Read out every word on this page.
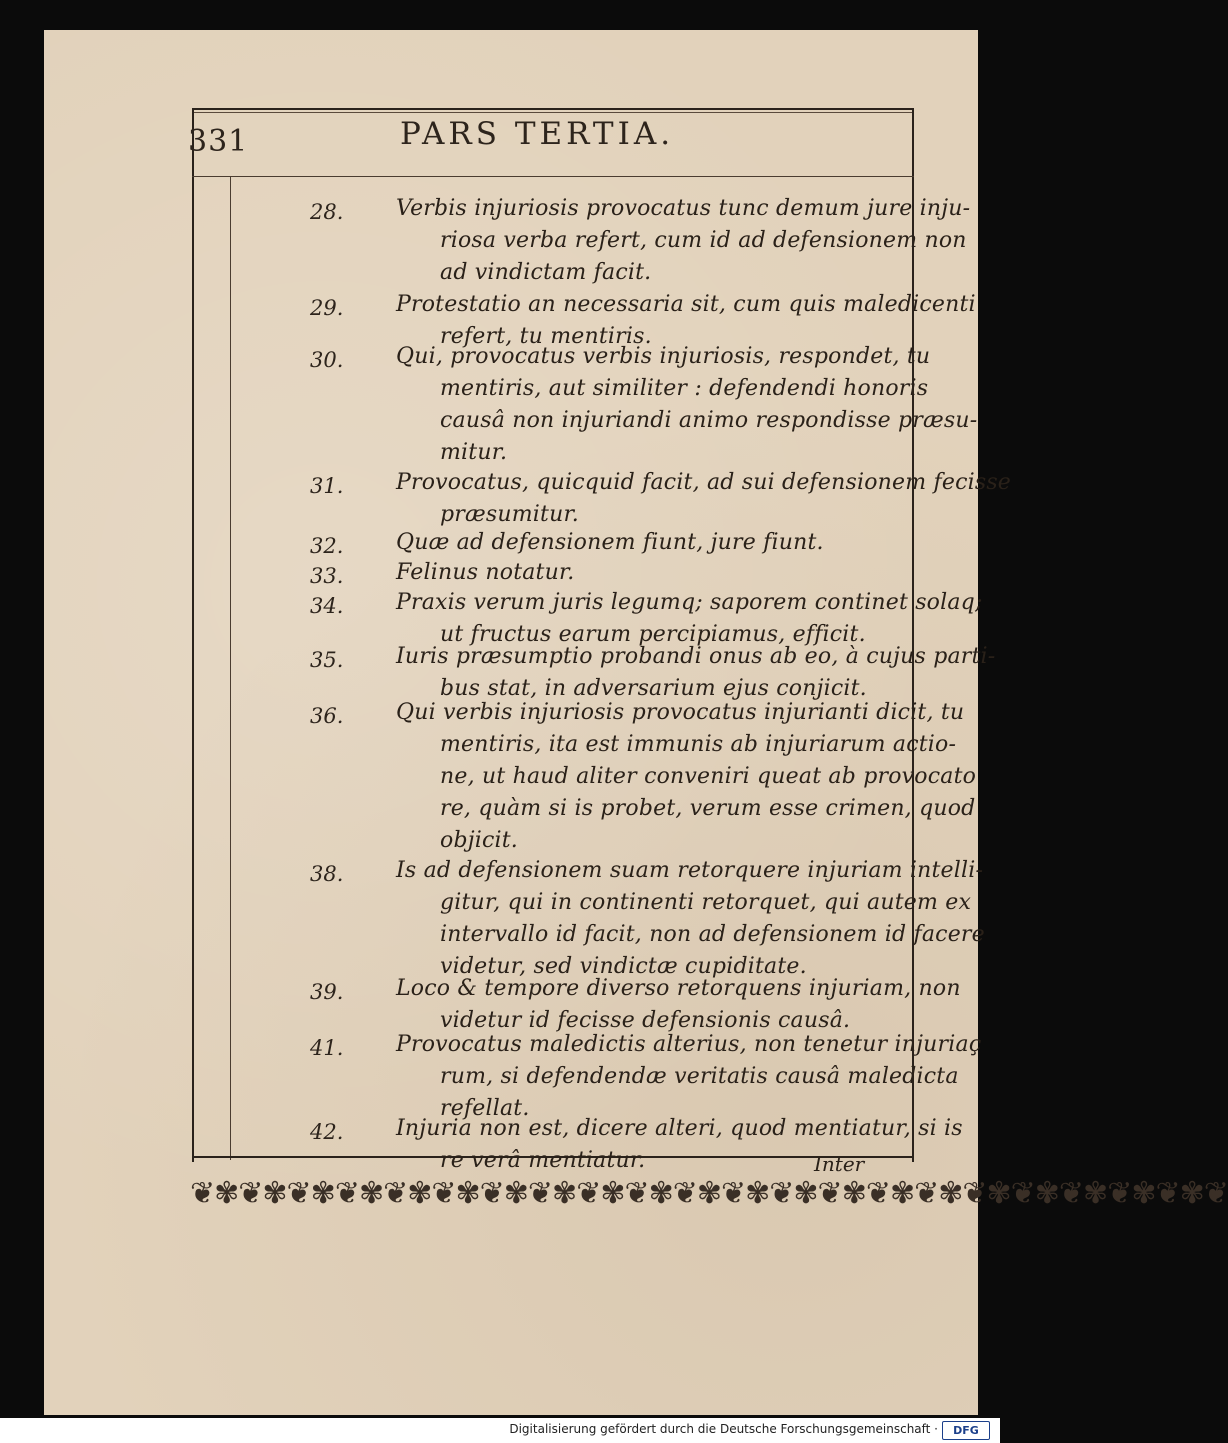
331	PARS TERTIA.
28.	Verbis injuriosis provocatus tunc demum jure inju-
riosa verba refert, cum id ad defensionem non
ad vindictam facit.
29.	Protestatio an necessaria sit, cum quis maledicenti
refert, tu mentiris.
30.	Qui, provocatus verbis injuriosis, respondet, tu
mentiris, aut similiter : defendendi honoris
causâ non injuriandi animo respondisse præsu-
mitur.
31.	Provocatus, quicquid facit, ad sui defensionem fecisse
præsumitur.
32.	Quæ ad defensionem fiunt, jure fiunt.
33.	Felinus notatur.
34.	Praxis verum juris legumq; saporem continet solaq;
ut fructus earum percipiamus, efficit.
35.	Iuris præsumptio probandi onus ab eo, à cujus parti-
bus stat, in adversarium ejus conjicit.
36.	Qui verbis injuriosis provocatus injurianti dicit, tu
mentiris, ita est immunis ab injuriarum actio-
ne, ut haud aliter conveniri queat ab provocato
re, quàm si is probet, verum esse crimen, quod
objicit.
38.	Is ad defensionem suam retorquere injuriam intelli-
gitur, qui in continenti retorquet, qui autem ex
intervallo id facit, non ad defensionem id facere
videtur, sed vindictæ cupiditate.
39.	Loco & tempore diverso retorquens injuriam, non
videtur id fecisse defensionis causâ.
41.	Provocatus maledictis alterius, non tenetur injuriaç
rum, si defendendæ veritatis causâ maledicta
refellat.
42.	Injuria non est, dicere alteri, quod mentiatur, si is
re verâ mentiatur.	Inter
❦✾❦✾❦✾❦✾❦✾❦✾❦✾❦✾❦✾❦✾❦✾❦✾❦✾❦✾❦✾❦✾❦✾❦✾❦✾❦✾❦✾❦
Digitalisierung gefördert durch die Deutsche Forschungsgemeinschaft ·	DFG
